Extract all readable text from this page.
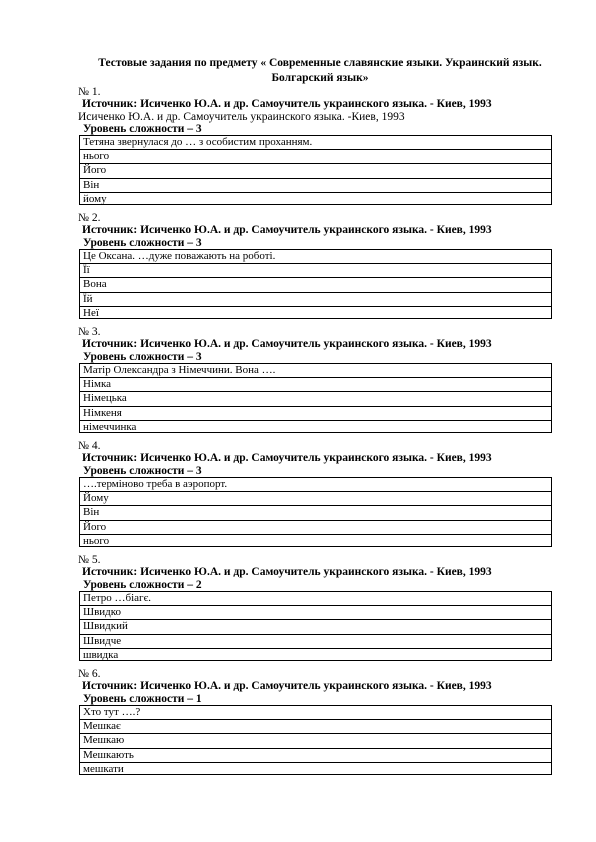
Тестовые задания по предмету « Современные славянские языки. Украинский язык.
Болгарский язык»
№ 1.
Источник: Исиченко Ю.А. и др. Самоучитель украинского языка. - Киев, 1993
Исиченко Ю.А. и др. Самоучитель украинского языка. -Киев, 1993
Уровень сложности – 3
Тетяна звернулася до … з особистим проханням.
нього
Його
Він
йому
№ 2.
Источник: Исиченко Ю.А. и др. Самоучитель украинского языка. - Киев, 1993
Уровень сложности – 3
Це Оксана. …дуже поважають на роботі.
Її
Вона
Їй
Неї
№ 3.
Источник: Исиченко Ю.А. и др. Самоучитель украинского языка. - Киев, 1993
Уровень сложности – 3
Матір Олександра з Німеччини. Вона ….
Німка
Німецька
Німкеня
німеччинка
№ 4.
Источник: Исиченко Ю.А. и др. Самоучитель украинского языка. - Киев, 1993
Уровень сложности – 3
….терміново треба в аэропорт.
Йому
Він
Його
нього
№ 5.
Источник: Исиченко Ю.А. и др. Самоучитель украинского языка. - Киев, 1993
Уровень сложности – 2
Петро …біагє.
Швидко
Швидкий
Швидче
швидка
№ 6.
Источник: Исиченко Ю.А. и др. Самоучитель украинского языка. - Киев, 1993
Уровень сложности – 1
Хто тут ….?
Мешкає
Мешкаю
Мешкають
мешкати
